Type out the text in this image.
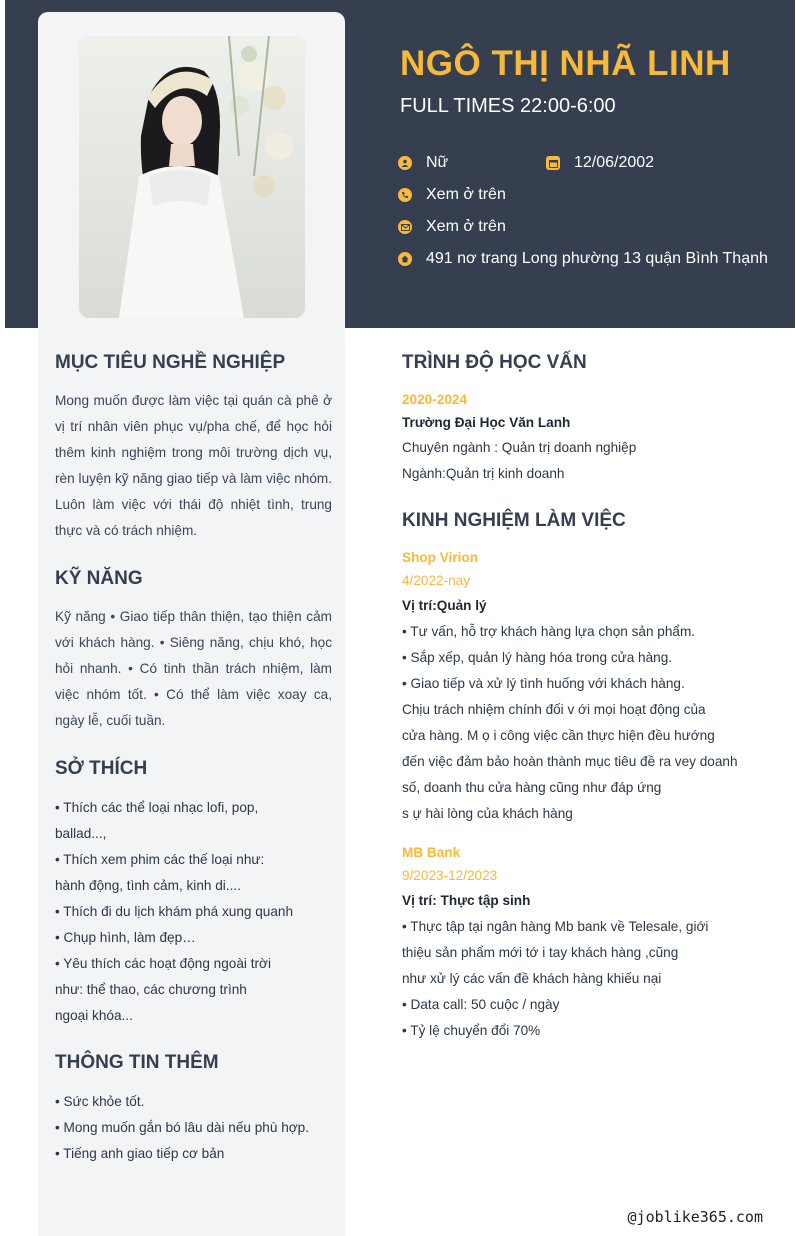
NGÔ THỊ NHÃ LINH
FULL TIMES 22:00-6:00
Nữ	12/06/2002
Xem ở trên
Xem ở trên
491 nơ trang Long phường 13 quận Bình Thạnh
MỤC TIÊU NGHỀ NGHIỆP
Mong muốn được làm việc tại quán cà phê ở vị trí nhân viên phục vụ/pha chế, để học hỏi thêm kinh nghiệm trong môi trường dịch vụ, rèn luyện kỹ năng giao tiếp và làm việc nhóm. Luôn làm việc với thái độ nhiệt tình, trung thực và có trách nhiệm.
KỸ NĂNG
Kỹ năng • Giao tiếp thân thiện, tạo thiện cảm với khách hàng. • Siêng năng, chịu khó, học hỏi nhanh. • Có tinh thần trách nhiệm, làm việc nhóm tốt. • Có thể làm việc xoay ca, ngày lễ, cuối tuần.
SỞ THÍCH
• Thích các thể loại nhạc lofi, pop,
ballad...,
• Thích xem phim các thế loại như:
hành động, tình cảm, kinh di....
• Thích đi du lịch khám phá xung quanh
• Chụp hình, làm đẹp…
• Yêu thích các hoạt động ngoài trời
như: thể thao, các chương trình
ngoại khóa...
THÔNG TIN THÊM
• Sức khỏe tốt.
• Mong muốn gắn bó lâu dài nếu phù hợp.
• Tiếng anh giao tiếp cơ bản
TRÌNH ĐỘ HỌC VẤN
2020-2024
Trường Đại Học Văn Lanh
Chuyên ngành : Quản trị doanh nghiệp
Ngành:Quản trị kinh doanh
KINH NGHIỆM LÀM VIỆC
Shop Virion
4/2022-nay
Vị trí:Quản lý
• Tư vấn, hỗ trợ khách hàng lựa chọn sản phẩm.
• Sắp xếp, quản lý hàng hóa trong cửa hàng.
• Giao tiếp và xử lý tình huống với khách hàng.
Chịu trách nhiệm chính đối v ới mọi hoạt động của
cửa hàng. M ọ i công việc cần thực hiện đều hướng
đến việc đảm bảo hoàn thành mục tiêu đề ra vey doanh
số, doanh thu cửa hàng cũng như đáp ứng
s ự hài lòng của khách hàng
MB Bank
9/2023-12/2023
Vị trí: Thực tập sinh
• Thực tập tại ngân hàng Mb bank về Telesale, giới
thiệu sản phẩm mới tớ i tay khách hàng ,cũng
như xử lý các vấn đề khách hàng khiếu nại
• Data call: 50 cuộc / ngày
• Tỷ lệ chuyển đổi 70%
@joblike365.com
